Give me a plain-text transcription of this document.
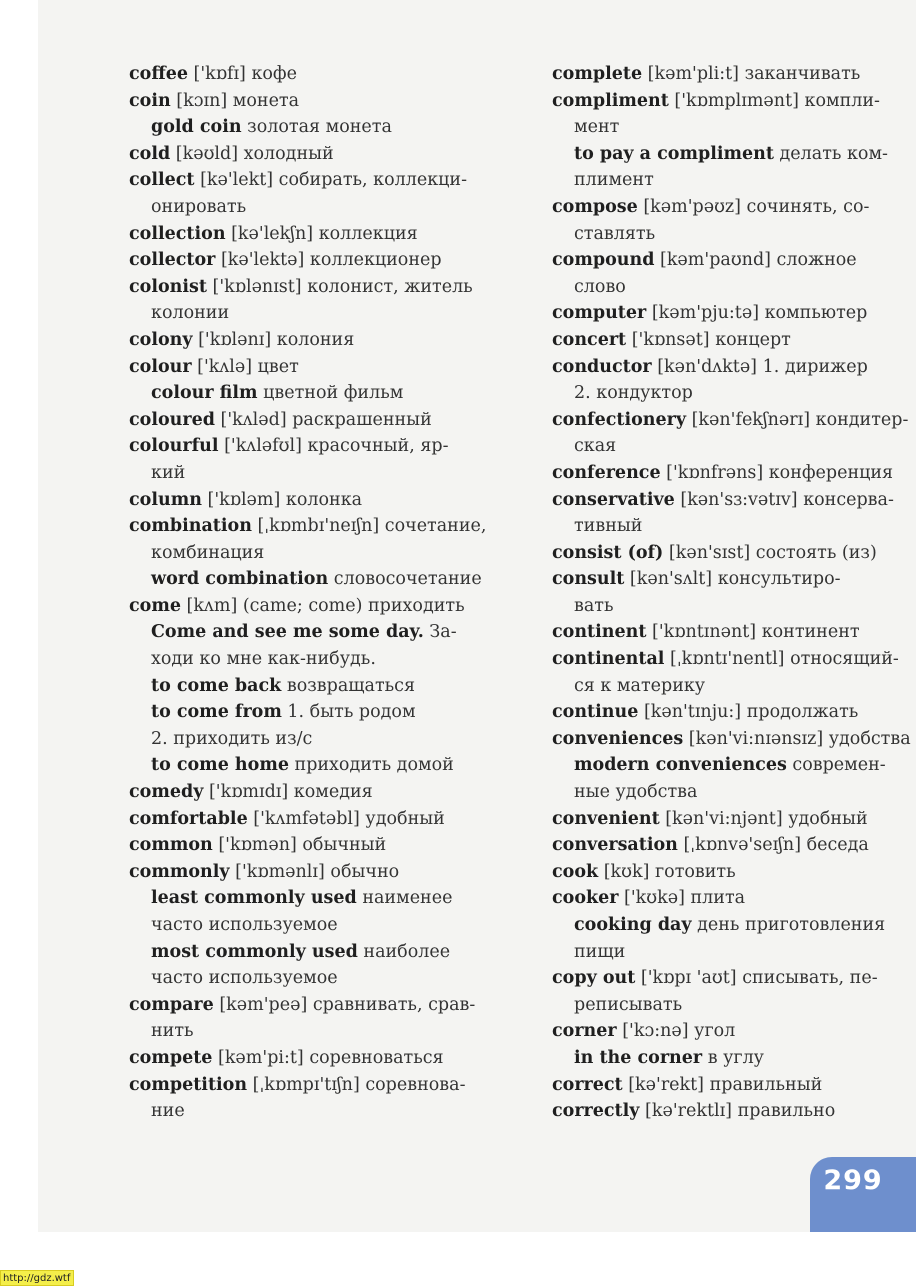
coffee ['kɒfɪ] кофе
coin [kɔɪn] монета
gold coin золотая монета
cold [kəʊld] холодный
collect [kə'lekt] собирать, коллекци-
онировать
collection [kə'lekʃn] коллекция
collector [kə'lektə] коллекционер
colonist ['kɒlənɪst] колонист, житель
колонии
colony ['kɒlənɪ] колония
colour ['kʌlə] цвет
colour film цветной фильм
coloured ['kʌləd] раскрашенный
colourful ['kʌləfʊl] красочный, яр-
кий
column ['kɒləm] колонка
combination [ˌkɒmbɪ'neɪʃn] сочетание,
комбинация
word combination словосочетание
come [kʌm] (came; come) приходить
Come and see me some day. За-
ходи ко мне как-нибудь.
to come back возвращаться
to come from 1. быть родом
2. приходить из/с
to come home приходить домой
comedy ['kɒmɪdɪ] комедия
comfortable ['kʌmfətəbl] удобный
common ['kɒmən] обычный
commonly ['kɒmənlɪ] обычно
least commonly used наименее
часто используемое
most commonly used наиболее
часто используемое
compare [kəm'peə] сравнивать, срав-
нить
compete [kəm'pi:t] соревноваться
competition [ˌkɒmpɪ'tɪʃn] соревнова-
ние
complete [kəm'pli:t] заканчивать
compliment ['kɒmplɪmənt] компли-
мент
to pay a compliment делать ком-
плимент
compose [kəm'pəʊz] сочинять, со-
ставлять
compound [kəm'paʊnd] сложное
слово
computer [kəm'pju:tə] компьютер
concert ['kɒnsət] концерт
conductor [kən'dʌktə] 1. дирижер
2. кондуктор
confectionery [kən'fekʃnərɪ] кондитер-
ская
conference ['kɒnfrəns] конференция
conservative [kən'sɜ:vətɪv] консерва-
тивный
consist (of) [kən'sɪst] состоять (из)
consult [kən'sʌlt] консультиро-
вать
continent ['kɒntɪnənt] континент
continental [ˌkɒntɪ'nentl] относящий-
ся к материку
continue [kən'tɪnju:] продолжать
conveniences [kən'vi:nɪənsɪz] удобства
modern conveniences современ-
ные удобства
convenient [kən'vi:njənt] удобный
conversation [ˌkɒnvə'seɪʃn] беседа
cook [kʊk] готовить
cooker ['kʊkə] плита
cooking day день приготовления
пищи
copy out ['kɒpɪ 'aʊt] списывать, пе-
реписывать
corner ['kɔ:nə] угол
in the corner в углу
correct [kə'rekt] правильный
correctly [kə'rektlɪ] правильно
299
http://gdz.wtf
